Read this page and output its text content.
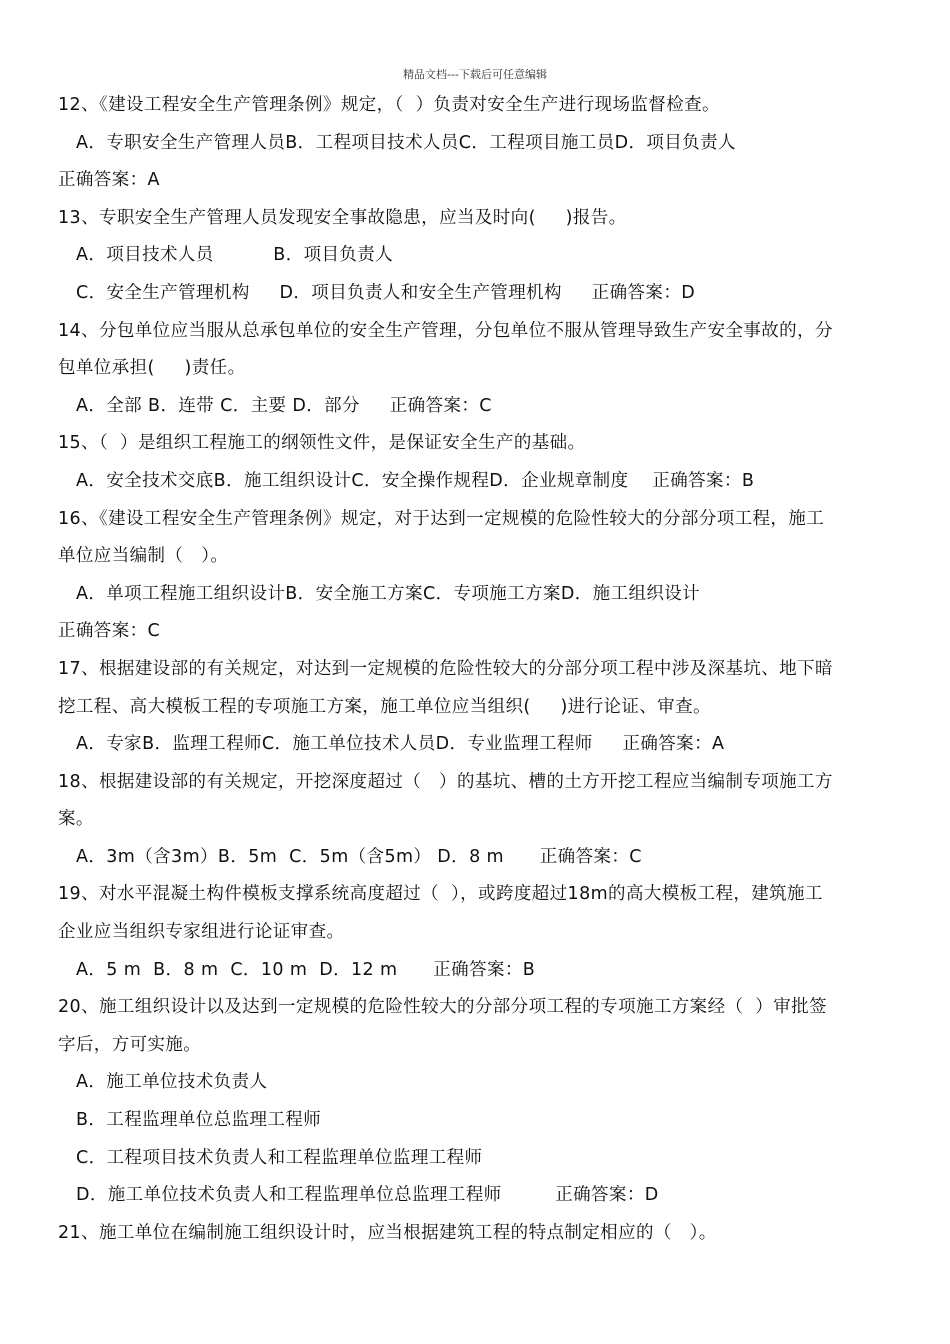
精品文档---下载后可任意编辑
12、《建设工程安全生产管理条例》规定，（  ）负责对安全生产进行现场监督检查。
A．专职安全生产管理人员B．工程项目技术人员C．工程项目施工员D．项目负责人
正确答案：A
13、专职安全生产管理人员发现安全事故隐患，应当及时向(     )报告。
A．项目技术人员          B．项目负责人
C．安全生产管理机构     D．项目负责人和安全生产管理机构     正确答案：D
14、分包单位应当服从总承包单位的安全生产管理，分包单位不服从管理导致生产安全事故的，分
包单位承担(     )责任。
A．全部 B．连带 C．主要 D．部分     正确答案：C
15、（  ）是组织工程施工的纲领性文件，是保证安全生产的基础。
A．安全技术交底B．施工组织设计C．安全操作规程D．企业规章制度    正确答案：B
16、《建设工程安全生产管理条例》规定，对于达到一定规模的危险性较大的分部分项工程，施工
单位应当编制（   ）。
A．单项工程施工组织设计B．安全施工方案C．专项施工方案D．施工组织设计
正确答案：C
17、根据建设部的有关规定，对达到一定规模的危险性较大的分部分项工程中涉及深基坑、地下暗
挖工程、高大模板工程的专项施工方案，施工单位应当组织(     )进行论证、审查。
A．专家B．监理工程师C．施工单位技术人员D．专业监理工程师     正确答案：A
18、根据建设部的有关规定，开挖深度超过（   ）的基坑、槽的土方开挖工程应当编制专项施工方
案。
A．3m（含3m）B．5m  C．5m（含5m） D．8 m      正确答案：C
19、对水平混凝土构件模板支撑系统高度超过（  ），或跨度超过18m的高大模板工程，建筑施工
企业应当组织专家组进行论证审查。
A．5 m  B．8 m  C．10 m  D．12 m      正确答案：B
20、施工组织设计以及达到一定规模的危险性较大的分部分项工程的专项施工方案经（  ）审批签
字后，方可实施。
A．施工单位技术负责人
B．工程监理单位总监理工程师
C．工程项目技术负责人和工程监理单位监理工程师
D．施工单位技术负责人和工程监理单位总监理工程师         正确答案：D
21、施工单位在编制施工组织设计时，应当根据建筑工程的特点制定相应的（   ）。
